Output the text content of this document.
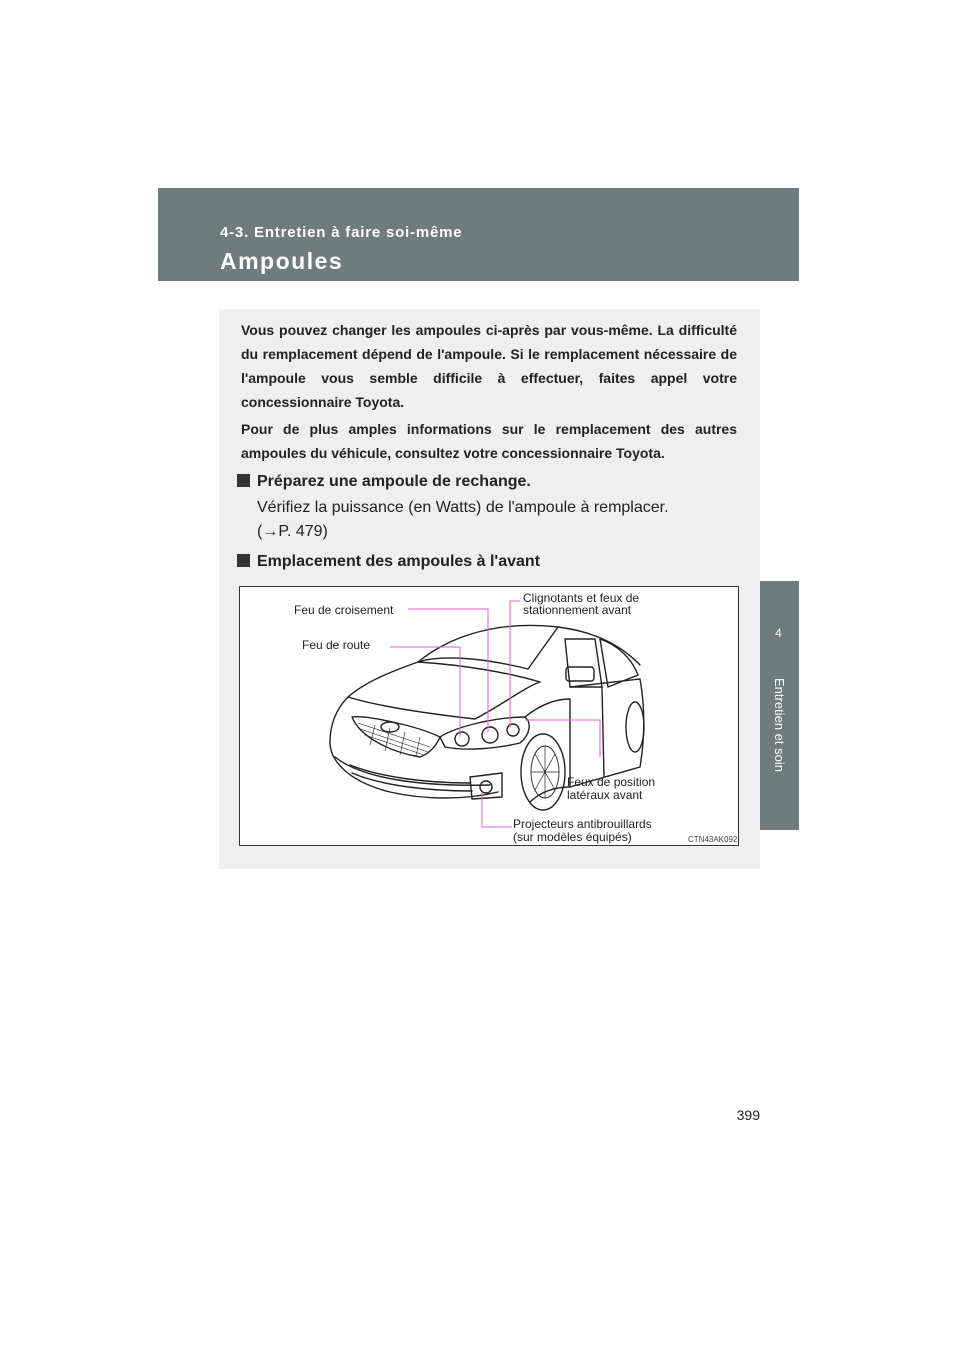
4-3. Entretien à faire soi-même
Ampoules
4
Entretien et soin

Vous pouvez changer les ampoules ci-après par vous-même. La difficulté du remplacement dépend de l'ampoule. Si le remplacement nécessaire de l'ampoule vous semble difficile à effectuer, faites appel votre concessionnaire Toyota.

Pour de plus amples informations sur le remplacement des autres ampoules du véhicule, consultez votre concessionnaire Toyota.

Préparez une ampoule de rechange.
Vérifiez la puissance (en Watts) de l'ampoule à remplacer.
(→P. 479)
Emplacement des ampoules à l'avant
Feu de croisement
Feu de route
Clignotants et feux de
stationnement avant
Feux de position
latéraux avant
Projecteurs antibrouillards
(sur modèles équipés)	CTN43AK092
399
